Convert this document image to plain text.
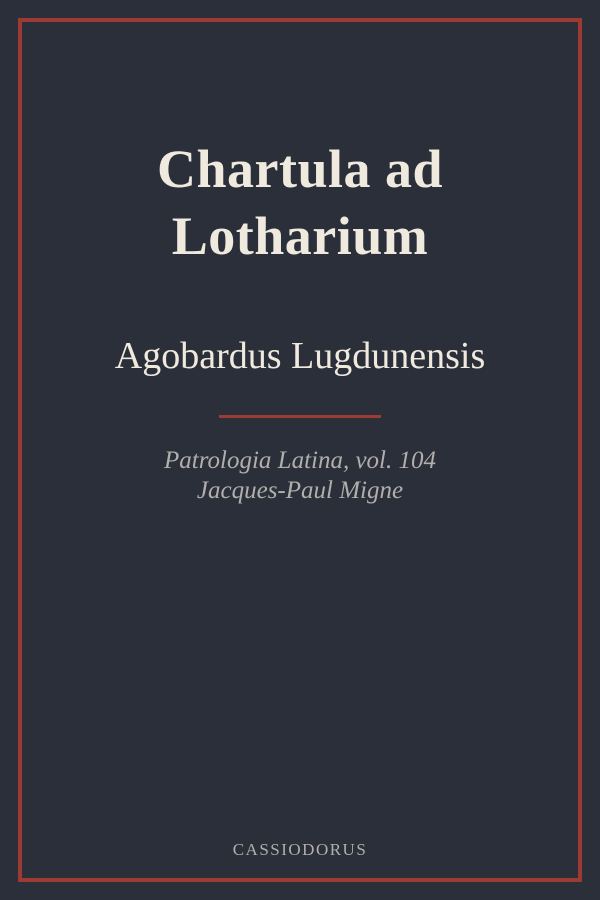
Chartula ad Lotharium
Agobardus Lugdunensis
Patrologia Latina, vol. 104
Jacques-Paul Migne
CASSIODORUS
